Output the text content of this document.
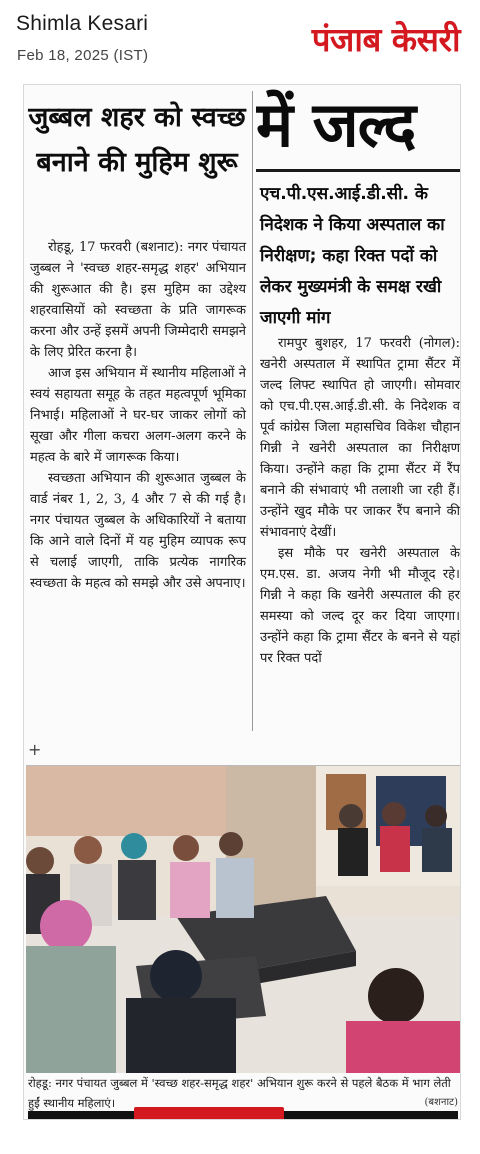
Shimla Kesari
Feb 18, 2025 (IST)	पंजाब केसरी
जुब्बल शहर को स्वच्छ बनाने की मुहिम शुरू

रोहडू, 17 फरवरी (बशनाट): नगर पंचायत जुब्बल ने 'स्वच्छ शहर-समृद्ध शहर' अभियान की शुरूआत की है। इस मुहिम का उद्देश्य शहरवासियों को स्वच्छता के प्रति जागरूक करना और उन्हें इसमें अपनी जिम्मेदारी समझने के लिए प्रेरित करना है।

आज इस अभियान में स्थानीय महिलाओं ने स्वयं सहायता समूह के तहत महत्वपूर्ण भूमिका निभाई। महिलाओं ने घर-घर जाकर लोगों को सूखा और गीला कचरा अलग-अलग करने के महत्व के बारे में जागरूक किया।

स्वच्छता अभियान की शुरूआत जुब्बल के वार्ड नंबर 1, 2, 3, 4 और 7 से की गई है। नगर पंचायत जुब्बल के अधिकारियों ने बताया कि आने वाले दिनों में यह मुहिम व्यापक रूप से चलाई जाएगी, ताकि प्रत्येक नागरिक स्वच्छता के महत्व को समझे और उसे अपनाए।

में जल्द
एच.पी.एस.आई.डी.सी. के निदेशक ने किया अस्पताल का निरीक्षण; कहा रिक्त पदों को लेकर मुख्यमंत्री के समक्ष रखी जाएगी मांग

रामपुर बुशहर, 17 फरवरी (नोगल): खनेरी अस्पताल में स्थापित ट्रामा सैंटर में जल्द लिफ्ट स्थापित हो जाएगी। सोमवार को एच.पी.एस.आई.डी.सी. के निदेशक व पूर्व कांग्रेस जिला महासचिव विकेश चौहान गिन्नी ने खनेरी अस्पताल का निरीक्षण किया। उन्होंने कहा कि ट्रामा सैंटर में रैंप बनाने की संभावाएं भी तलाशी जा रही हैं। उन्होंने खुद मौके पर जाकर रैंप बनाने की संभावनाएं देखीं।

इस मौके पर खनेरी अस्पताल के एम.एस. डा. अजय नेगी भी मौजूद रहे। गिन्नी ने कहा कि खनेरी अस्पताल की हर समस्या को जल्द दूर कर दिया जाएगा। उन्होंने कहा कि ट्रामा सैंटर के बनने से यहां पर रिक्त पदों

+
रोहडू: नगर पंचायत जुब्बल में 'स्वच्छ शहर-समृद्ध शहर' अभियान शुरू करने से पहले बैठक में भाग लेती हुईं स्थानीय महिलाएं।	(बशनाट)
